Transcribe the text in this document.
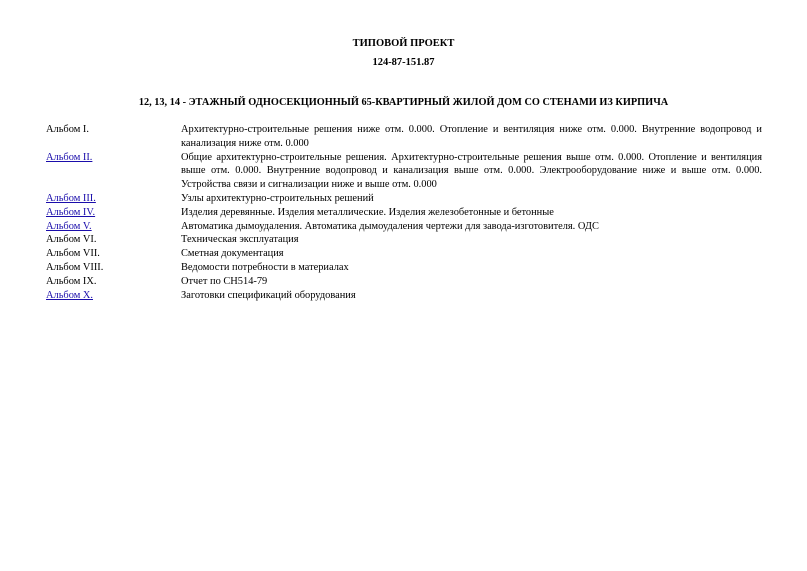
ТИПОВОЙ ПРОЕКТ
124-87-151.87
12, 13, 14 - ЭТАЖНЫЙ ОДНОСЕКЦИОННЫЙ 65-КВАРТИРНЫЙ ЖИЛОЙ ДОМ СО СТЕНАМИ ИЗ КИРПИЧА
Альбом I.	Архитектурно-строительные решения ниже отм. 0.000. Отопление и вентиляция ниже отм. 0.000. Внутренние водопровод и канализация ниже отм. 0.000
Альбом II.	Общие архитектурно-строительные решения. Архитектурно-строительные решения выше отм. 0.000. Отопление и вентиляция выше отм. 0.000. Внутренние водопровод и канализация выше отм. 0.000. Электрооборудование ниже и выше отм. 0.000. Устройства связи и сигнализации ниже и выше отм. 0.000
Альбом III.	Узлы архитектурно-строительных решений
Альбом IV.	Изделия деревянные. Изделия металлические. Изделия железобетонные и бетонные
Альбом V.	Автоматика дымоудаления. Автоматика дымоудаления чертежи для завода-изготовителя. ОДС
Альбом VI.	Техническая эксплуатация
Альбом VII.	Сметная документация
Альбом VIII.	Ведомости потребности в материалах
Альбом IX.	Отчет по СН514-79
Альбом X.	Заготовки спецификаций оборудования
